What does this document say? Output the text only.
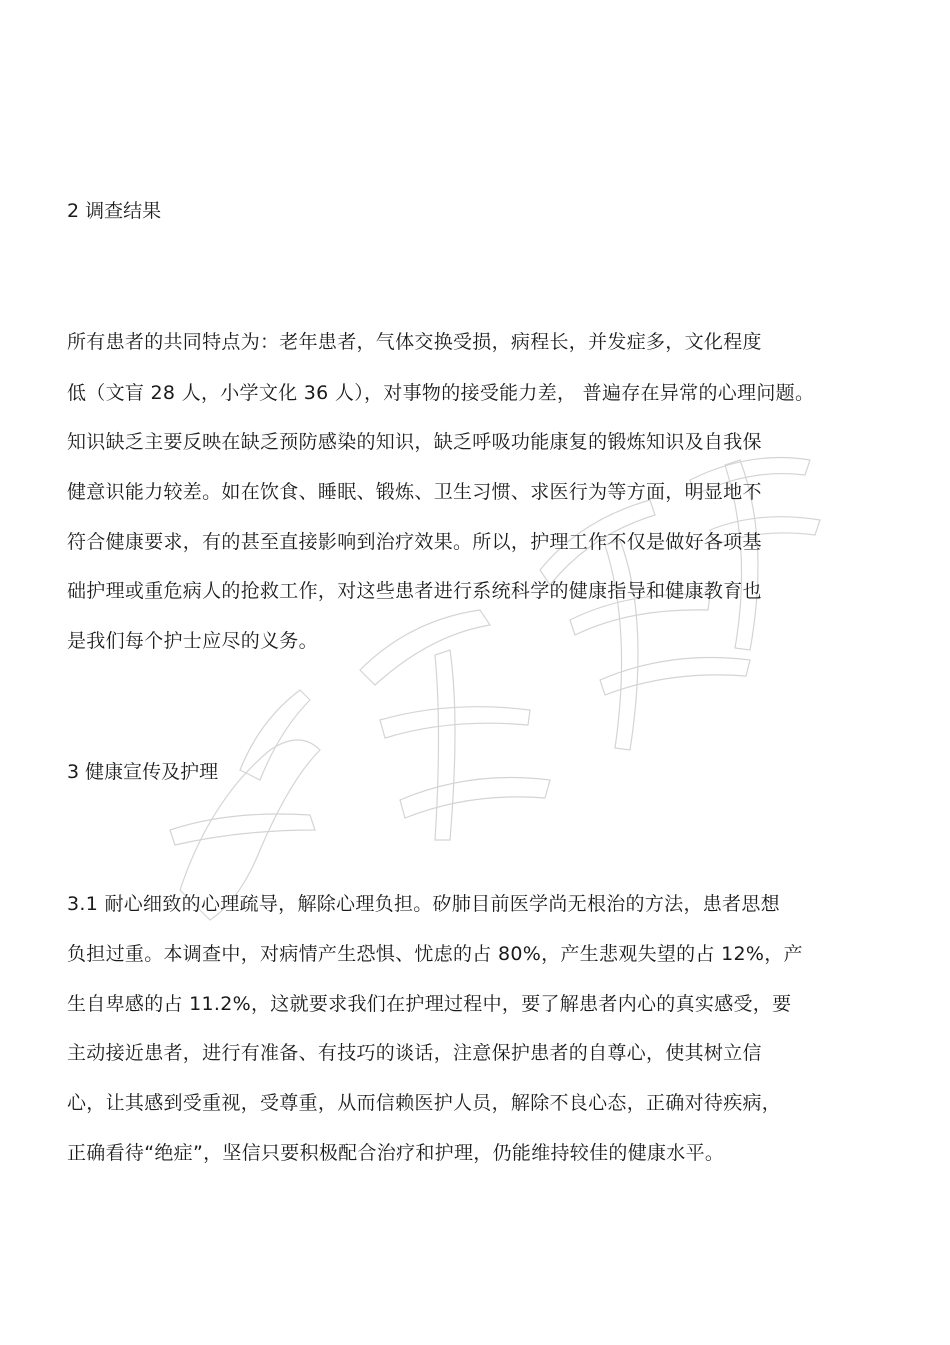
2 调查结果
所有患者的共同特点为：老年患者，气体交换受损，病程长，并发症多，文化程度
低（文盲 28 人，小学文化 36 人），对事物的接受能力差， 普遍存在异常的心理问题。
知识缺乏主要反映在缺乏预防感染的知识，缺乏呼吸功能康复的锻炼知识及自我保
健意识能力较差。如在饮食、睡眠、锻炼、卫生习惯、求医行为等方面，明显地不
符合健康要求，有的甚至直接影响到治疗效果。所以，护理工作不仅是做好各项基
础护理或重危病人的抢救工作，对这些患者进行系统科学的健康指导和健康教育也
是我们每个护士应尽的义务。
3 健康宣传及护理
3.1 耐心细致的心理疏导，解除心理负担。矽肺目前医学尚无根治的方法，患者思想
负担过重。本调查中，对病情产生恐惧、忧虑的占 80%，产生悲观失望的占 12%，产
生自卑感的占 11.2%，这就要求我们在护理过程中，要了解患者内心的真实感受，要
主动接近患者，进行有准备、有技巧的谈话，注意保护患者的自尊心，使其树立信
心，让其感到受重视，受尊重，从而信赖医护人员，解除不良心态，正确对待疾病，
正确看待“绝症”，坚信只要积极配合治疗和护理，仍能维持较佳的健康水平。
